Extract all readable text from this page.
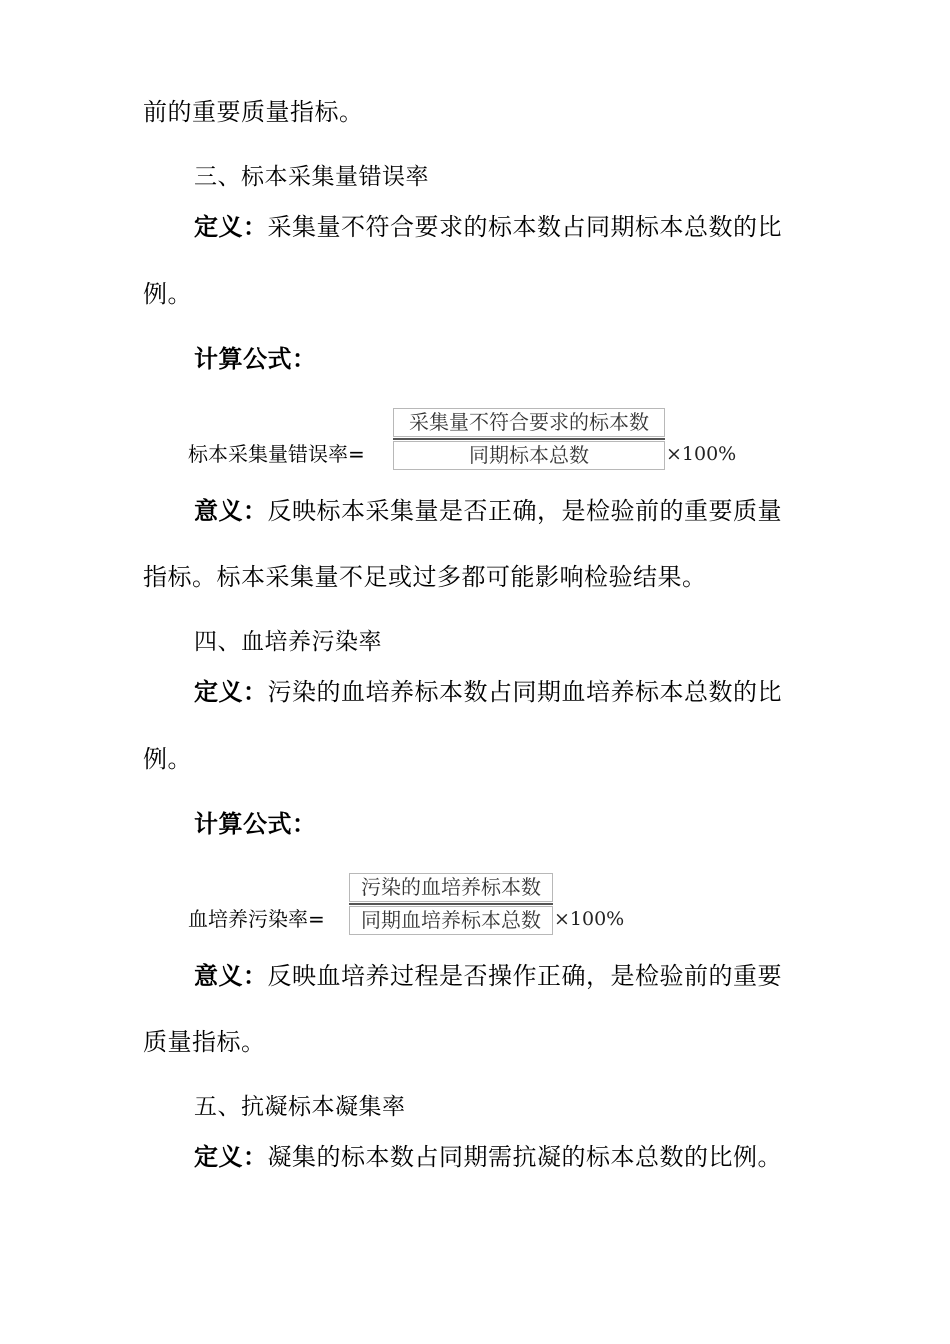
前的重要质量指标。

三、标本采集量错误率

定义：采集量不符合要求的标本数占同期标本总数的比

例。

计算公式：

标本采集量错误率=
采集量不符合要求的标本数
同期标本总数	×100%

意义：反映标本采集量是否正确，是检验前的重要质量

指标。标本采集量不足或过多都可能影响检验结果。

四、血培养污染率

定义：污染的血培养标本数占同期血培养标本总数的比

例。

计算公式：

血培养污染率=
污染的血培养标本数
同期血培养标本总数 ×100%

意义：反映血培养过程是否操作正确，是检验前的重要

质量指标。

五、抗凝标本凝集率

定义：凝集的标本数占同期需抗凝的标本总数的比例。
